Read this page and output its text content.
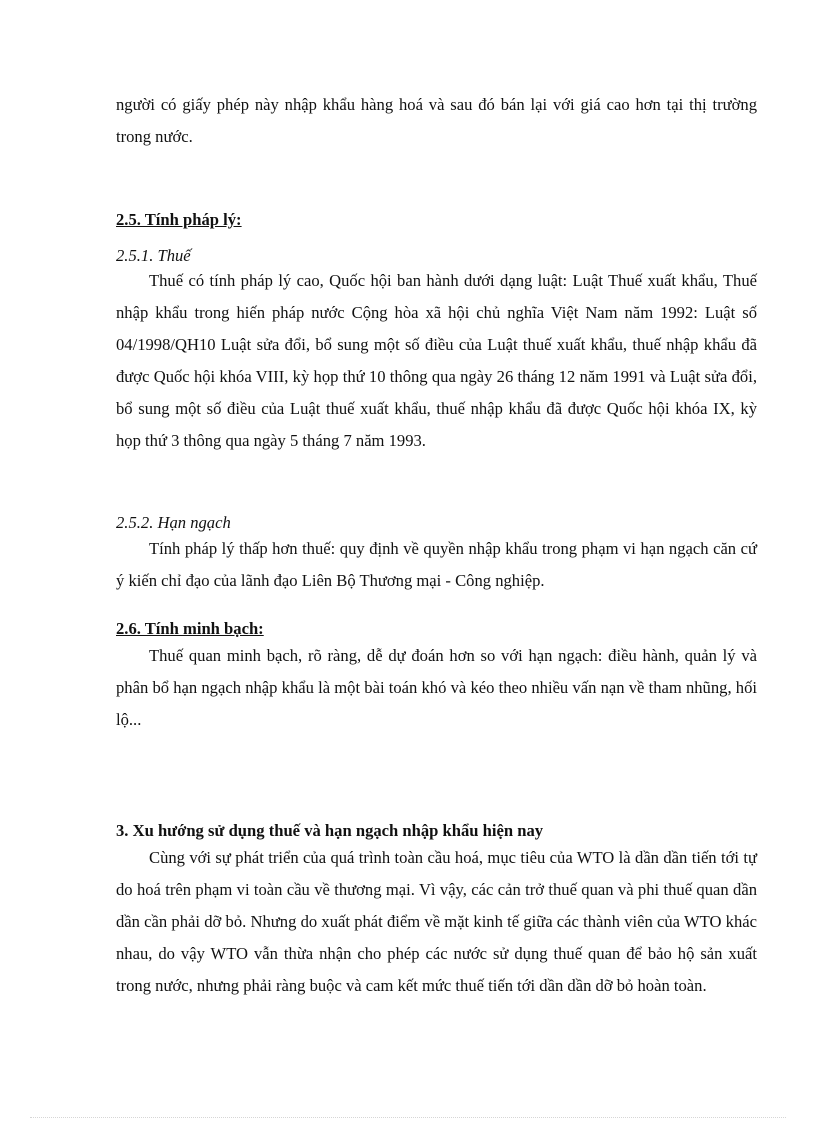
người có giấy phép này nhập khẩu hàng hoá và sau đó bán lại với giá cao hơn tại thị trường trong nước.

2.5. Tính pháp lý:
2.5.1. Thuế

Thuế có tính pháp lý cao, Quốc hội ban hành dưới dạng luật: Luật Thuế xuất khẩu, Thuế nhập khẩu trong hiến pháp nước Cộng hòa xã hội chủ nghĩa Việt Nam năm 1992: Luật số 04/1998/QH10 Luật sửa đổi, bổ sung một số điều của Luật thuế xuất khẩu, thuế nhập khẩu đã được Quốc hội khóa VIII, kỳ họp thứ 10 thông qua ngày 26 tháng 12 năm 1991 và Luật sửa đổi, bổ sung một số điều của Luật thuế xuất khẩu, thuế nhập khẩu đã được Quốc hội khóa IX, kỳ họp thứ 3 thông qua ngày 5 tháng 7 năm 1993.

2.5.2. Hạn ngạch

Tính pháp lý thấp hơn thuế: quy định về quyền nhập khẩu trong phạm vi hạn ngạch căn cứ ý kiến chỉ đạo của lãnh đạo Liên Bộ Thương mại - Công nghiệp.

2.6. Tính minh bạch:

Thuế quan minh bạch, rõ ràng, dễ dự đoán hơn so với hạn ngạch: điều hành, quản lý và phân bổ hạn ngạch nhập khẩu là một bài toán khó và kéo theo nhiều vấn nạn về tham nhũng, hối lộ...

3. Xu hướng sử dụng thuế và hạn ngạch nhập khẩu hiện nay

Cùng với sự phát triển của quá trình toàn cầu hoá, mục tiêu của WTO là dần dần tiến tới tự do hoá trên phạm vi toàn cầu về thương mại. Vì vậy, các cản trở thuế quan và phi thuế quan dần dần cần phải dỡ bỏ. Nhưng do xuất phát điểm về mặt kinh tế giữa các thành viên của WTO khác nhau, do vậy WTO vẫn thừa nhận cho phép các nước sử dụng thuế quan để bảo hộ sản xuất trong nước, nhưng phải ràng buộc và cam kết mức thuế tiến tới dần dần dỡ bỏ hoàn toàn.
